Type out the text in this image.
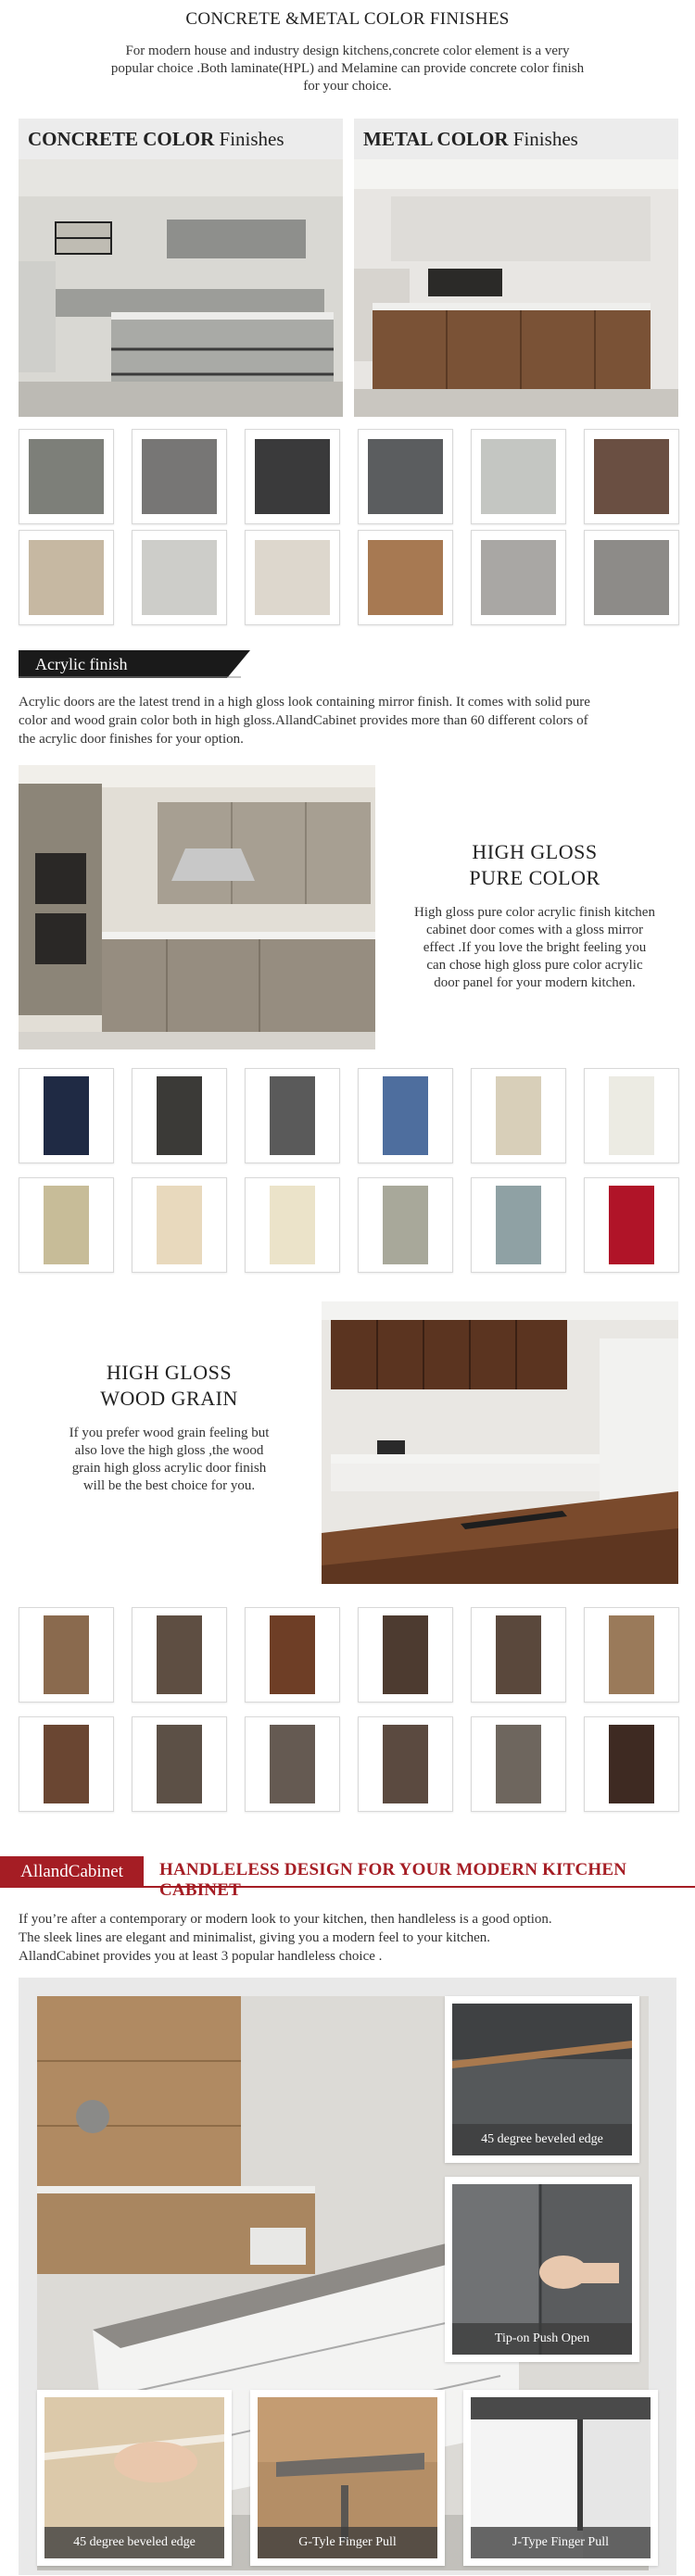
CONCRETE &METAL COLOR FINISHES
For modern house and industry design kitchens,concrete color element is a very
popular choice .Both laminate(HPL) and Melamine can provide concrete color finish
for your choice.
CONCRETE COLOR Finishes	METAL COLOR Finishes
Acrylic finish
Acrylic doors are the latest trend in a high gloss look containing mirror finish. It comes with solid pure
color and wood grain color both in high gloss.AllandCabinet provides more than 60 different colors of
the acrylic door finishes for your option.
HIGH GLOSS
PURE COLOR
High gloss pure color acrylic finish kitchen
cabinet door comes with a gloss mirror
effect .If you love the bright feeling you
can chose high gloss pure color acrylic
door panel for your modern kitchen.
HIGH GLOSS
WOOD GRAIN
If you prefer wood grain feeling but
also love the high gloss ,the wood
grain high gloss acrylic door finish
will be the best choice for you.
AllandCabinet	HANDLELESS DESIGN FOR YOUR MODERN KITCHEN CABINET
If you’re after a contemporary or modern look to your kitchen, then handleless is a good option.
The sleek lines are elegant and minimalist, giving you a modern feel to your kitchen.
AllandCabinet provides you at least 3 popular handleless choice .
45 degree beveled edge
Tip-on Push Open
45 degree beveled edge	G-Tyle Finger Pull	J-Type Finger Pull
